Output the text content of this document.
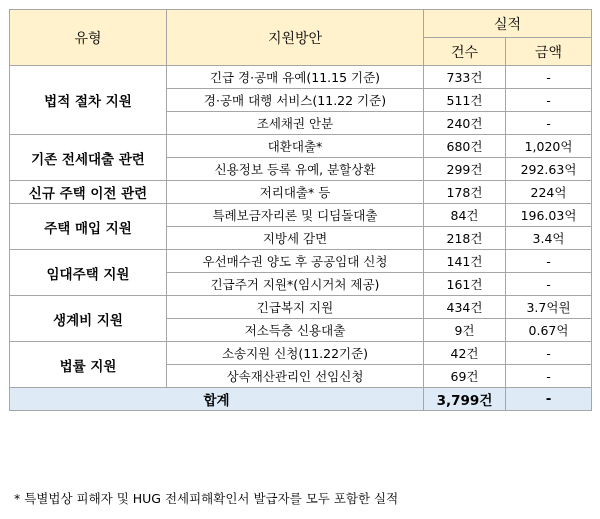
유형	지원방안	실적	
		건수	금액
법적 절차 지원	긴급 경·공매 유예(11.15 기준)	733건	-
	경·공매 대행 서비스(11.22 기준)	511건	-
	조세채권 안분	240건	-
기존 전세대출 관련	대환대출*	680건	1,020억
	신용정보 등록 유예, 분할상환	299건	292.63억
신규 주택 이전 관련	저리대출* 등	178건	224억
주택 매입 지원	특례보금자리론 및 디딤돌대출	84건	196.03억
	지방세 감면	218건	3.4억
임대주택 지원	우선매수권 양도 후 공공임대 신청	141건	-
	긴급주거 지원*(임시거처 제공)	161건	-
생계비 지원	긴급복지 지원	434건	3.7억원
	저소득층 신용대출	9건	0.67억
법률 지원	소송지원 신청(11.22기준)	42건	-
	상속재산관리인 선임신청	69건	-
합계		3,799건	-
* 특별법상 피해자 및 HUG 전세피해확인서 발급자를 모두 포함한 실적
